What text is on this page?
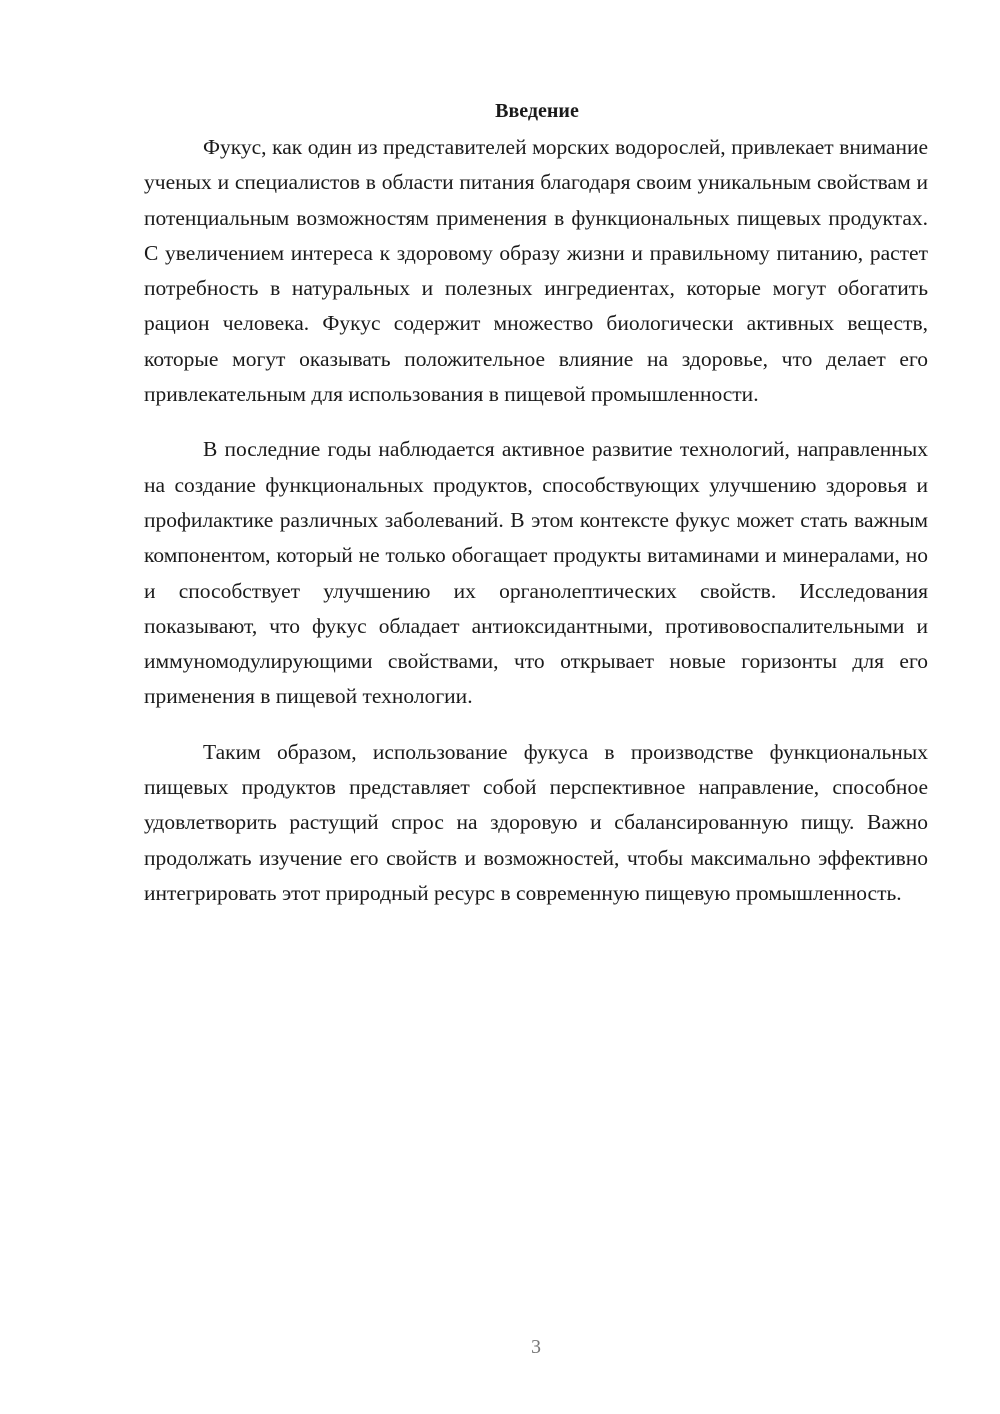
Введение

Фукус, как один из представителей морских водорослей, привлекает внимание ученых и специалистов в области питания благодаря своим уникальным свойствам и потенциальным возможностям применения в функциональных пищевых продуктах. С увеличением интереса к здоровому образу жизни и правильному питанию, растет потребность в натуральных и полезных ингредиентах, которые могут обогатить рацион человека. Фукус содержит множество биологически активных веществ, которые могут оказывать положительное влияние на здоровье, что делает его привлекательным для использования в пищевой промышленности.

В последние годы наблюдается активное развитие технологий, направленных на создание функциональных продуктов, способствующих улучшению здоровья и профилактике различных заболеваний. В этом контексте фукус может стать важным компонентом, который не только обогащает продукты витаминами и минералами, но и способствует улучшению их органолептических свойств. Исследования показывают, что фукус обладает антиоксидантными, противовоспалительными и иммуномодулирующими свойствами, что открывает новые горизонты для его применения в пищевой технологии.

Таким образом, использование фукуса в производстве функциональных пищевых продуктов представляет собой перспективное направление, способное удовлетворить растущий спрос на здоровую и сбалансированную пищу. Важно продолжать изучение его свойств и возможностей, чтобы максимально эффективно интегрировать этот природный ресурс в современную пищевую промышленность.

3
